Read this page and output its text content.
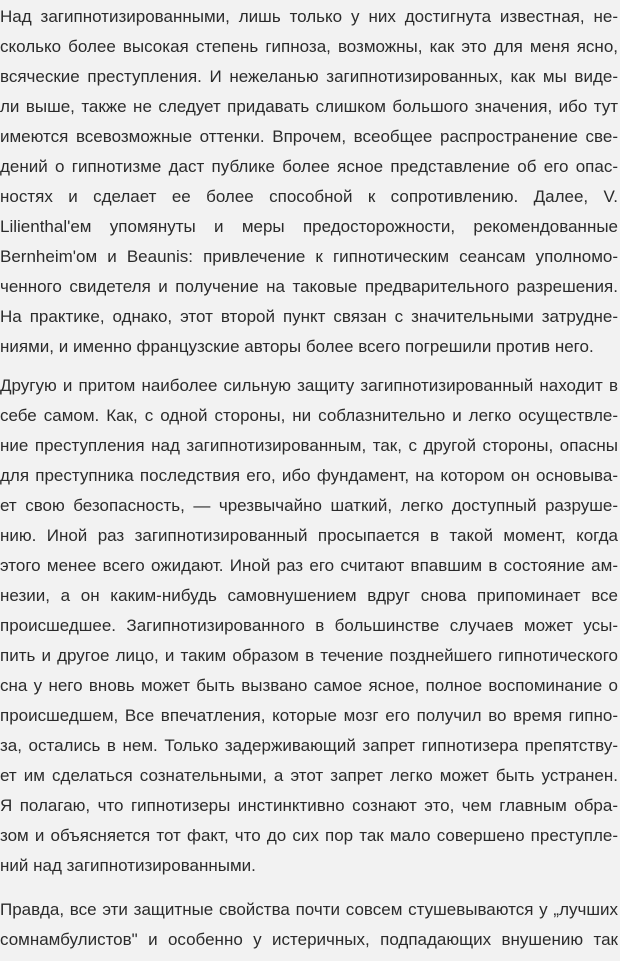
Над загипнотизированными, лишь только у них достигнута известная, не-

сколько более высокая степень гипноза, возможны, как это для меня ясно,

всяческие преступления. И нежеланью загипнотизированных, как мы виде-

ли выше, также не следует придавать слишком большого значения, ибо тут

имеются всевозможные оттенки. Впрочем, всеобщее распространение све-

дений о гипнотизме даст публике более ясное представление об его опас-

ностях и сделает ее более способной к сопротивлению. Далее, V.

Lilienthal'ем упомянуты и меры предосторожности, рекомендованные

Bernheim'ом и Beaunis: привлечение к гипнотическим сеансам уполномо-

ченного свидетеля и получение на таковые предварительного разрешения.

На практике, однако, этот второй пункт связан с значительными затрудне-

ниями, и именно французские авторы более всего погрешили против него.

Другую и притом наиболее сильную защиту загипнотизированный находит в

себе самом. Как, с одной стороны, ни соблазнительно и легко осуществле-

ние преступления над загипнотизированным, так, с другой стороны, опасны

для преступника последствия его, ибо фундамент, на котором он основыва-

ет свою безопасность, — чрезвычайно шаткий, легко доступный разруше-

нию. Иной раз загипнотизированный просыпается в такой момент, когда

этого менее всего ожидают. Иной раз его считают впавшим в состояние ам-

незии, а он каким-нибудь самовнушением вдруг снова припоминает все

происшедшее. Загипнотизированного в большинстве случаев может усы-

пить и другое лицо, и таким образом в течение позднейшего гипнотического

сна у него вновь может быть вызвано самое ясное, полное воспоминание о

происшедшем, Все впечатления, которые мозг его получил во время гипно-

за, остались в нем. Только задерживающий запрет гипнотизера препятству-

ет им сделаться сознательными, а этот запрет легко может быть устранен.

Я полагаю, что гипнотизеры инстинктивно сознают это, чем главным обра-

зом и объясняется тот факт, что до сих пор так мало совершено преступле-

ний над загипнотизированными.

Правда, все эти защитные свойства почти совсем стушевываются у „лучших

сомнамбулистов" и особенно у истеричных, подпадающих внушению так
